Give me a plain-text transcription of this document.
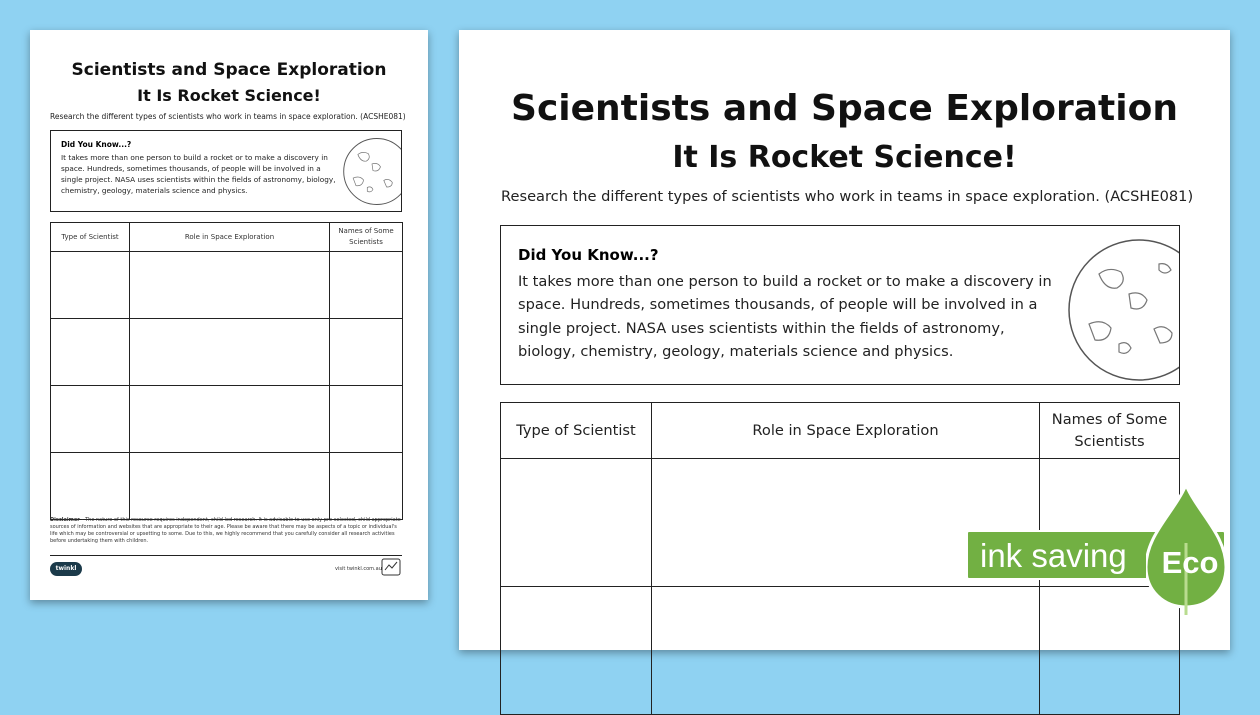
Scientists and Space Exploration
It Is Rocket Science!
Research the different types of scientists who work in teams in space exploration. (ACSHE081)
Did You Know...?
It takes more than one person to build a rocket or to make a discovery in space. Hundreds, sometimes thousands, of people will be involved in a single project. NASA uses scientists within the fields of astronomy, biology, chemistry, geology, materials science and physics.
Type of Scientist	Role in Space Exploration	Names of Some
Scientists

Disclaimer - The nature of this resource requires independent, child led research. It is advisable to use only pre-selected, child appropriate sources of information and websites that are appropriate to their age. Please be aware that there may be aspects of a topic or individual's life which may be controversial or upsetting to some. Due to this, we highly recommend that you carefully consider all research activities before undertaking them with children.
twinkl	visit twinkl.com.au
Scientists and Space Exploration
It Is Rocket Science!
Research the different types of scientists who work in teams in space exploration. (ACSHE081)
Did You Know...?
It takes more than one person to build a rocket or to make a discovery in space. Hundreds, sometimes thousands, of people will be involved in a single project. NASA uses scientists within the fields of astronomy, biology, chemistry, geology, materials science and physics.
Type of Scientist	Role in Space Exploration	Names of Some
Scientists

ink saving Eco
